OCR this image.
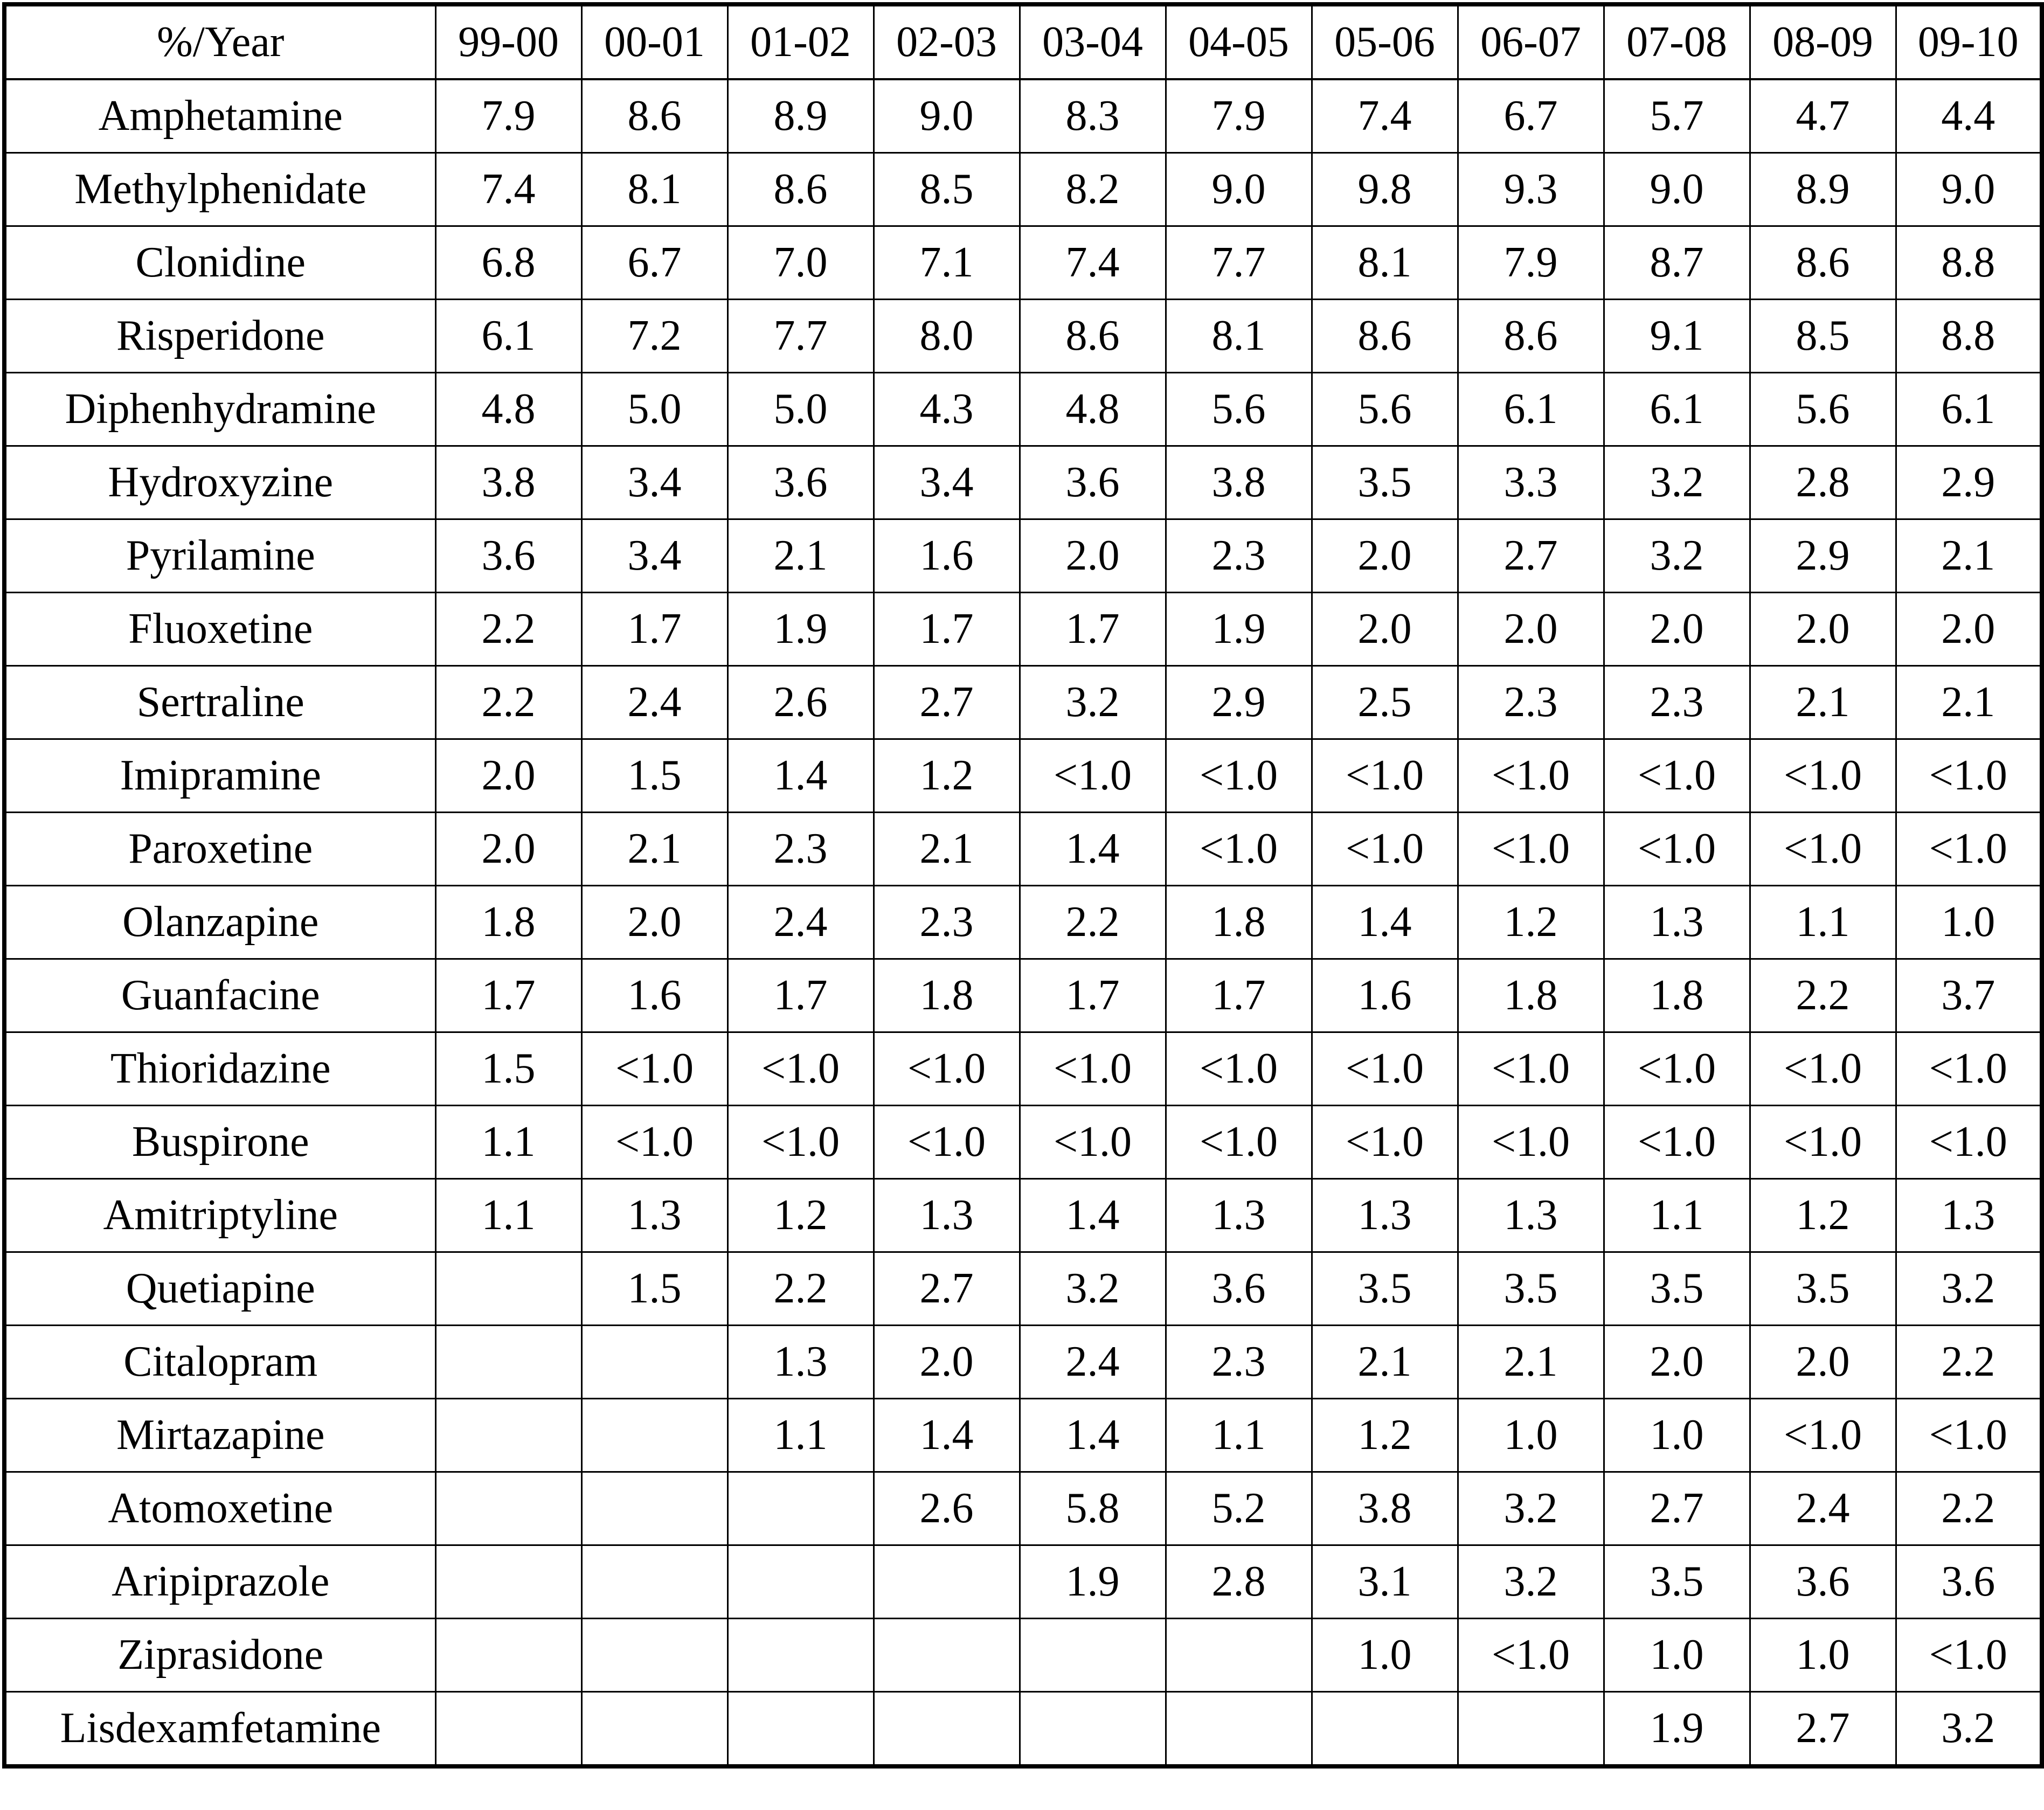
%/Year	99-00	00-01	01-02	02-03	03-04	04-05	05-06	06-07	07-08	08-09	09-10
Amphetamine	7.9	8.6	8.9	9.0	8.3	7.9	7.4	6.7	5.7	4.7	4.4
Methylphenidate	7.4	8.1	8.6	8.5	8.2	9.0	9.8	9.3	9.0	8.9	9.0
Clonidine	6.8	6.7	7.0	7.1	7.4	7.7	8.1	7.9	8.7	8.6	8.8
Risperidone	6.1	7.2	7.7	8.0	8.6	8.1	8.6	8.6	9.1	8.5	8.8
Diphenhydramine	4.8	5.0	5.0	4.3	4.8	5.6	5.6	6.1	6.1	5.6	6.1
Hydroxyzine	3.8	3.4	3.6	3.4	3.6	3.8	3.5	3.3	3.2	2.8	2.9
Pyrilamine	3.6	3.4	2.1	1.6	2.0	2.3	2.0	2.7	3.2	2.9	2.1
Fluoxetine	2.2	1.7	1.9	1.7	1.7	1.9	2.0	2.0	2.0	2.0	2.0
Sertraline	2.2	2.4	2.6	2.7	3.2	2.9	2.5	2.3	2.3	2.1	2.1
Imipramine	2.0	1.5	1.4	1.2	<1.0	<1.0	<1.0	<1.0	<1.0	<1.0	<1.0
Paroxetine	2.0	2.1	2.3	2.1	1.4	<1.0	<1.0	<1.0	<1.0	<1.0	<1.0
Olanzapine	1.8	2.0	2.4	2.3	2.2	1.8	1.4	1.2	1.3	1.1	1.0
Guanfacine	1.7	1.6	1.7	1.8	1.7	1.7	1.6	1.8	1.8	2.2	3.7
Thioridazine	1.5	<1.0	<1.0	<1.0	<1.0	<1.0	<1.0	<1.0	<1.0	<1.0	<1.0
Buspirone	1.1	<1.0	<1.0	<1.0	<1.0	<1.0	<1.0	<1.0	<1.0	<1.0	<1.0
Amitriptyline	1.1	1.3	1.2	1.3	1.4	1.3	1.3	1.3	1.1	1.2	1.3
Quetiapine		1.5	2.2	2.7	3.2	3.6	3.5	3.5	3.5	3.5	3.2
Citalopram			1.3	2.0	2.4	2.3	2.1	2.1	2.0	2.0	2.2
Mirtazapine			1.1	1.4	1.4	1.1	1.2	1.0	1.0	<1.0	<1.0
Atomoxetine				2.6	5.8	5.2	3.8	3.2	2.7	2.4	2.2
Aripiprazole					1.9	2.8	3.1	3.2	3.5	3.6	3.6
Ziprasidone							1.0	<1.0	1.0	1.0	<1.0
Lisdexamfetamine									1.9	2.7	3.2
